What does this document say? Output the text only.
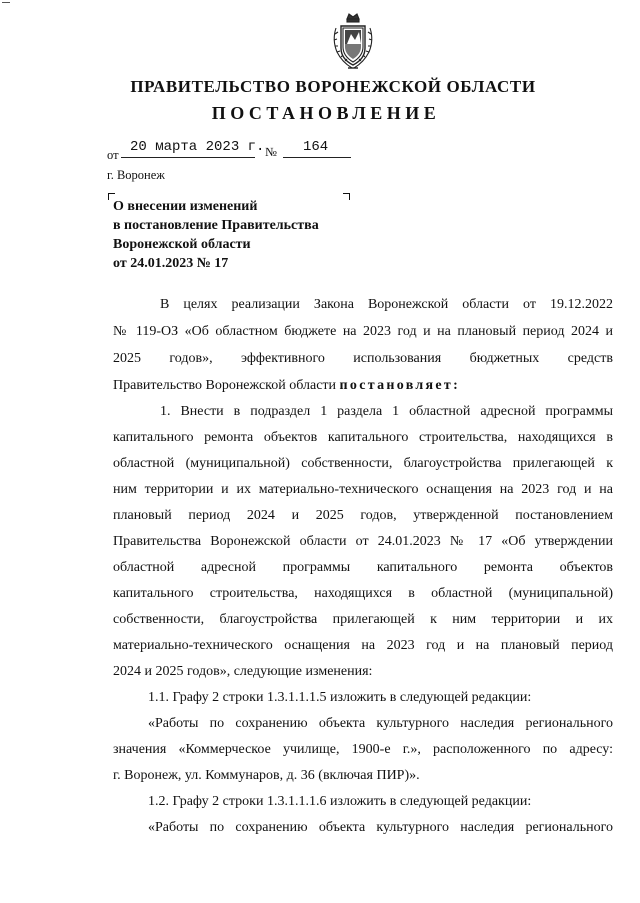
ПРАВИТЕЛЬСТВО ВОРОНЕЖСКОЙ ОБЛАСТИ
ПОСТАНОВЛЕНИЕ
от 20 марта 2023 г. № 164
г. Воронеж
О внесении изменений
в постановление Правительства
Воронежской области
от 24.01.2023 № 17
В целях реализации Закона Воронежской области от 19.12.2022
№ 119-ОЗ «Об областном бюджете на 2023 год и на плановый период 2024 и
2025 годов», эффективного использования бюджетных средств
Правительство Воронежской области постановляет:
1. Внести в подраздел 1 раздела 1 областной адресной программы
капитального ремонта объектов капитального строительства, находящихся в
областной (муниципальной) собственности, благоустройства прилегающей к
ним территории и их материально-технического оснащения на 2023 год и на
плановый период 2024 и 2025 годов, утвержденной постановлением
Правительства Воронежской области от 24.01.2023 № 17 «Об утверждении
областной адресной программы капитального ремонта объектов
капитального строительства, находящихся в областной (муниципальной)
собственности, благоустройства прилегающей к ним территории и их
материально-технического оснащения на 2023 год и на плановый период
2024 и 2025 годов», следующие изменения:
1.1. Графу 2 строки 1.3.1.1.1.5 изложить в следующей редакции:
«Работы по сохранению объекта культурного наследия регионального
значения «Коммерческое училище, 1900-е г.», расположенного по адресу:
г. Воронеж, ул. Коммунаров, д. 36 (включая ПИР)».
1.2. Графу 2 строки 1.3.1.1.1.6 изложить в следующей редакции:
«Работы по сохранению объекта культурного наследия регионального
